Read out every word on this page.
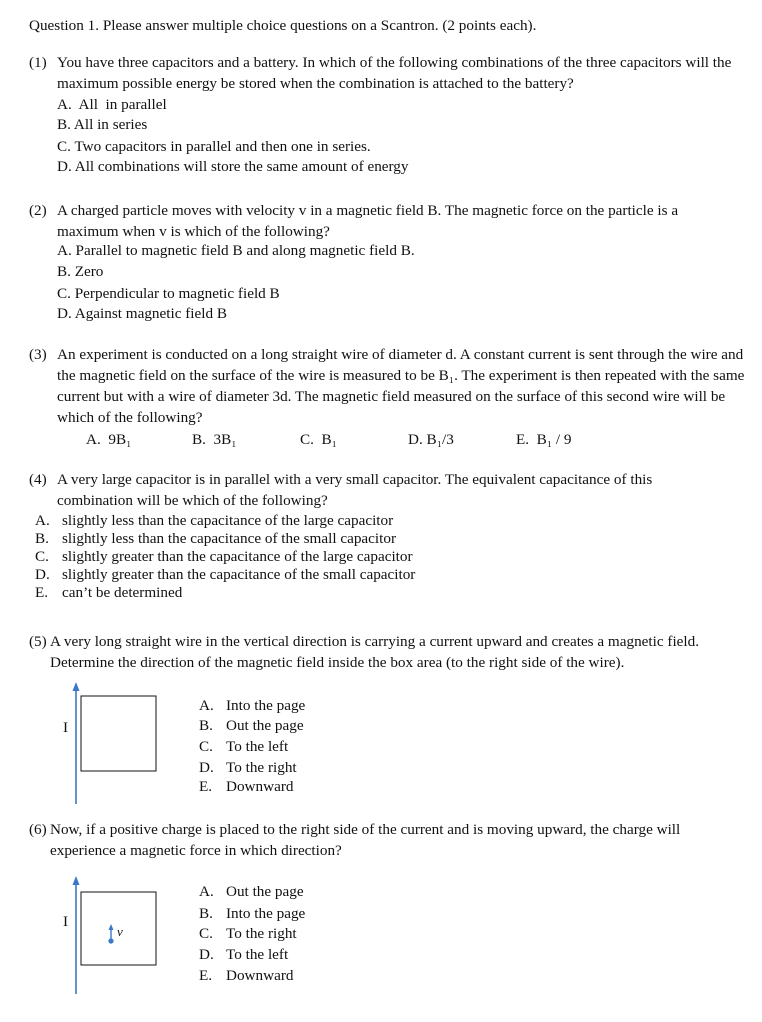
Question 1. Please answer multiple choice questions on a Scantron. (2 points each).
(1) You have three capacitors and a battery. In which of the following combinations of the three capacitors will the maximum possible energy be stored when the combination is attached to the battery?
A.  All  in parallel
B. All in series
C. Two capacitors in parallel and then one in series.
D. All combinations will store the same amount of energy
(2) A charged particle moves with velocity v in a magnetic field B. The magnetic force on the particle is a maximum when v is which of the following?
A. Parallel to magnetic field B and along magnetic field B.
B. Zero
C. Perpendicular to magnetic field B
D. Against magnetic field B
(3) An experiment is conducted on a long straight wire of diameter d. A constant current is sent through the wire and the magnetic field on the surface of the wire is measured to be B₁. The experiment is then repeated with the same current but with a wire of diameter 3d. The magnetic field measured on the surface of this second wire will be which of the following?
A.  9B₁	B.  3B₁	C.  B₁	D. B₁/3	E.  B₁ / 9
(4) A very large capacitor is in parallel with a very small capacitor. The equivalent capacitance of this combination will be which of the following?
A. slightly less than the capacitance of the large capacitor
B. slightly less than the capacitance of the small capacitor
C. slightly greater than the capacitance of the large capacitor
D. slightly greater than the capacitance of the small capacitor
E. can’t be determined
(5) A very long straight wire in the vertical direction is carrying a current upward and creates a magnetic field. Determine the direction of the magnetic field inside the box area (to the right side of the wire).
I
A. Into the page
B. Out the page
C. To the left
D. To the right
E. Downward
(6) Now, if a positive charge is placed to the right side of the current and is moving upward, the charge will experience a magnetic force in which direction?
I
v
A. Out the page
B. Into the page
C. To the right
D. To the left
E. Downward
